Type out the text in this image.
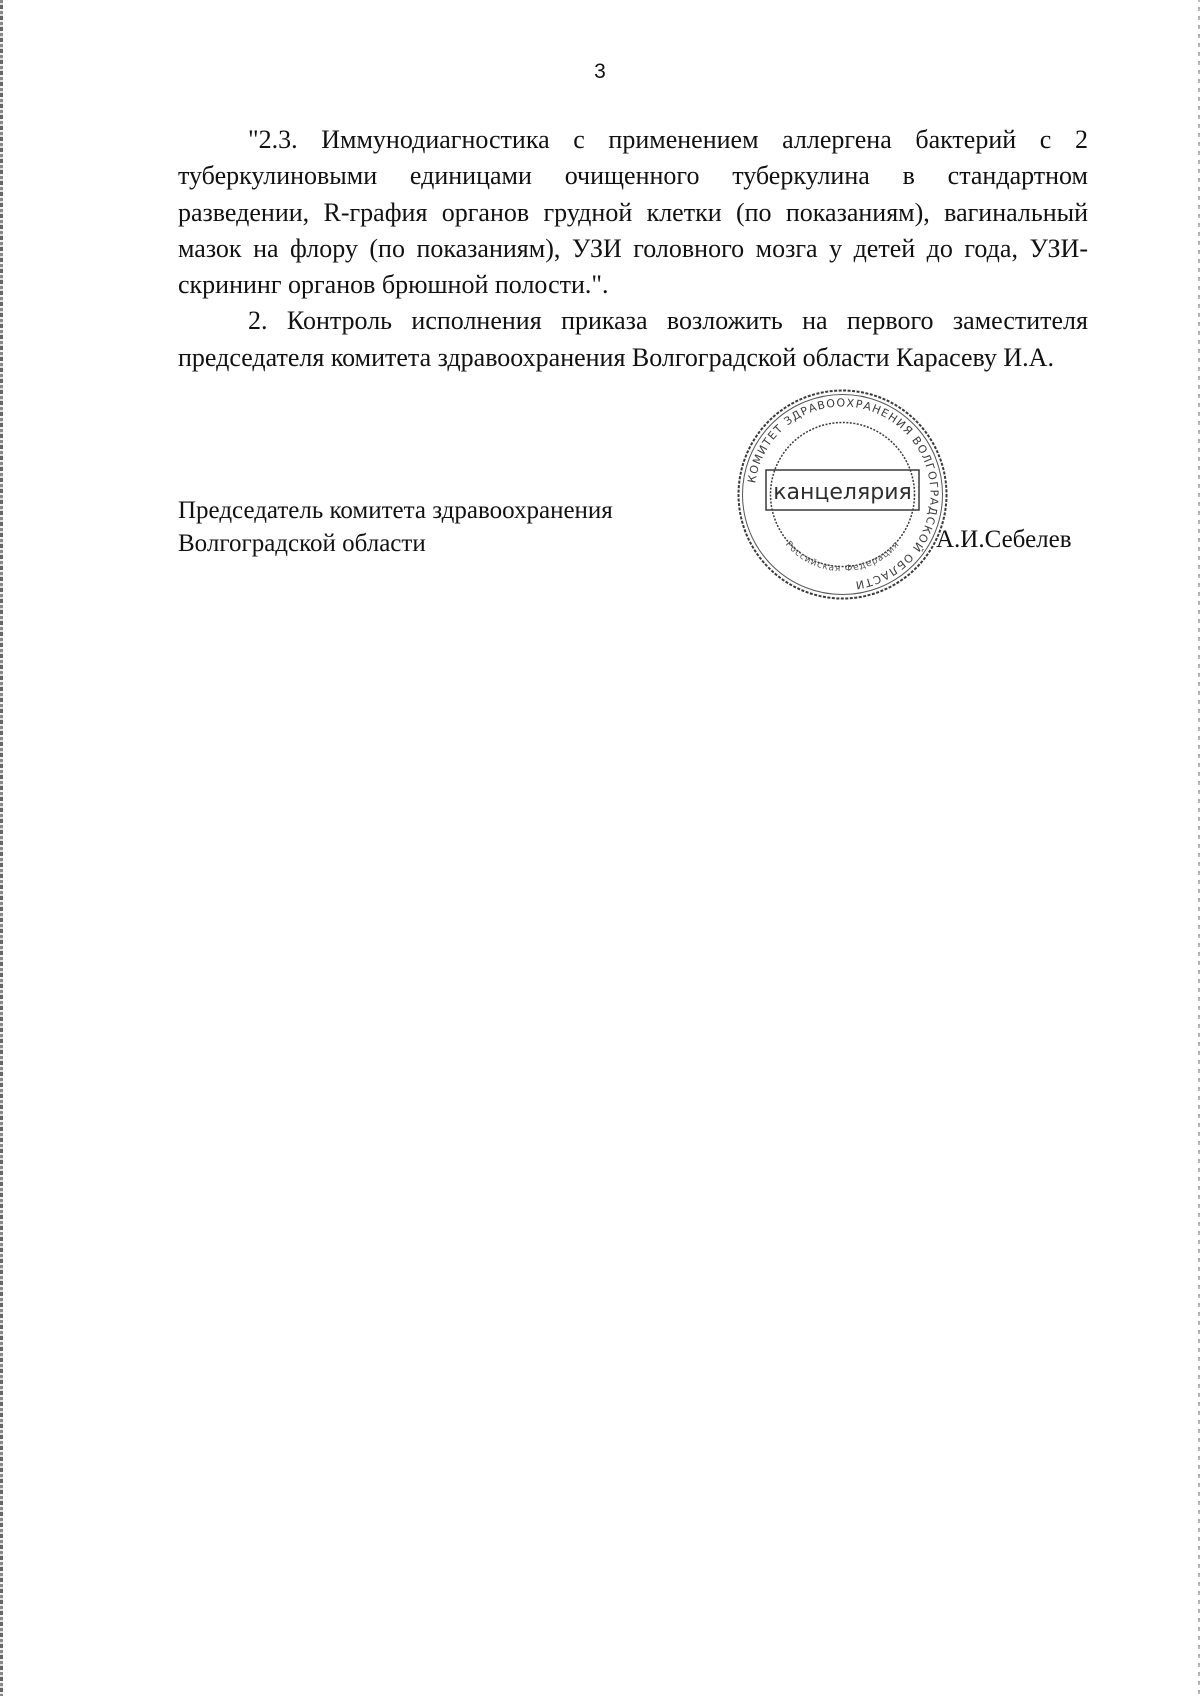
3

"2.3. Иммунодиагностика с применением аллергена бактерий с 2 туберкулиновыми единицами очищенного туберкулина в стандартном разведении, R-графия органов грудной клетки (по показаниям), вагинальный мазок на флору (по показаниям), УЗИ головного мозга у детей до года, УЗИ-скрининг органов брюшной полости.".

2. Контроль исполнения приказа возложить на первого заместителя председателя комитета здравоохранения Волгоградской области Карасеву И.А.

Председатель комитета здравоохранения
Волгоградской области
КОМИТЕТ ЗДРАВООХРАНЕНИЯ ВОЛГОГРАДСКОЙ ОБЛАСТИ
Российская Федерация
канцелярия
А.И.Себелев
